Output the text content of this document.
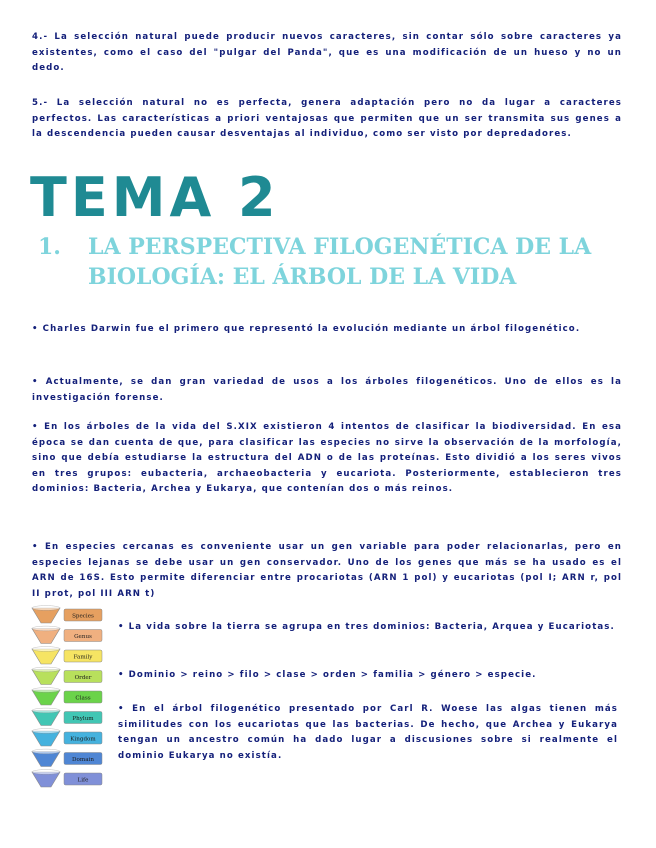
4.- La selección natural puede producir nuevos caracteres, sin contar sólo sobre caracteres ya existentes, como el caso del "pulgar del Panda", que es una modificación de un hueso y no un dedo.
5.- La selección natural no es perfecta, genera adaptación pero no da lugar a caracteres perfectos. Las características a priori ventajosas que permiten que un ser transmita sus genes a la descendencia pueden causar desventajas al individuo, como ser visto por depredadores.
TEMA 2
1. LA PERSPECTIVA FILOGENÉTICA DE LA BIOLOGÍA: EL ÁRBOL DE LA VIDA
• Charles Darwin fue el primero que representó la evolución mediante un árbol filogenético.
• Actualmente, se dan gran variedad de usos a los árboles filogenéticos. Uno de ellos es la investigación forense.
• En los árboles de la vida del S.XIX existieron 4 intentos de clasificar la biodiversidad. En esa época se dan cuenta de que, para clasificar las especies no sirve la observación de la morfología, sino que debía estudiarse la estructura del ADN o de las proteínas. Esto dividió a los seres vivos en tres grupos: eubacteria, archaeobacteria y eucariota. Posteriormente, establecieron tres dominios: Bacteria, Archea y Eukarya, que contenían dos o más reinos.
• En especies cercanas es conveniente usar un gen variable para poder relacionarlas, pero en especies lejanas se debe usar un gen conservador. Uno de los genes que más se ha usado es el ARN de 16S. Esto permite diferenciar entre procariotas (ARN 1 pol) y eucariotas (pol I; ARN r, pol II prot, pol III ARN t)
• La vida sobre la tierra se agrupa en tres dominios: Bacteria, Arquea y Eucariotas.
• Dominio > reino > filo > clase > orden > familia > género > especie.
• En el árbol filogenético presentado por Carl R. Woese las algas tienen más similitudes con los eucariotas que las bacterias. De hecho, que Archea y Eukarya tengan un ancestro común ha dado lugar a discusiones sobre si realmente el dominio Eukarya no existía.
Species
Genus
Family
Order
Class
Phylum
Kingdom
Domain
Life
